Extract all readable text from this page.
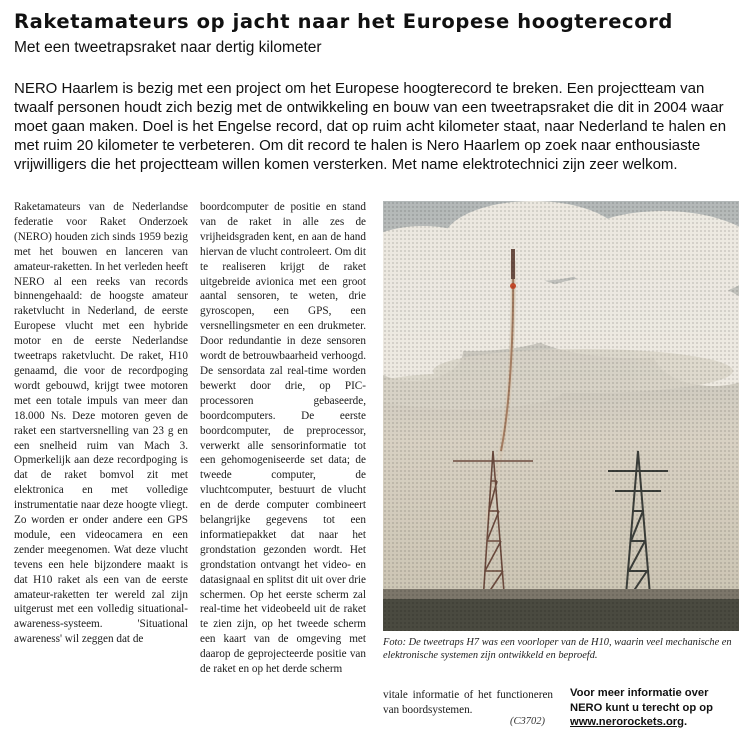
Raketamateurs op jacht naar het Europese hoogterecord
Met een tweetrapsraket naar dertig kilometer

NERO Haarlem is bezig met een project om het Europese hoogterecord te breken. Een projectteam van twaalf personen houdt zich bezig met de ontwikkeling en bouw van een tweetrapsraket die dit in 2004 waar moet gaan maken. Doel is het Engelse record, dat op ruim acht kilometer staat, naar Nederland te halen en met ruim 20 kilometer te verbeteren. Om dit record te halen is Nero Haarlem op zoek naar enthousiaste vrijwilligers die het projectteam willen komen versterken. Met name elektrotechnici zijn zeer welkom.

Raketamateurs van de Nederlandse federatie voor Raket Onderzoek (NERO) houden zich sinds 1959 bezig met het bouwen en lanceren van amateur-raketten. In het verleden heeft NERO al een reeks van records binnengehaald: de hoogste amateur raketvlucht in Nederland, de eerste Europese vlucht met een hybride motor en de eerste Nederlandse tweetraps raketvlucht. De raket, H10 genaamd, die voor de recordpoging wordt gebouwd, krijgt twee motoren met een totale impuls van meer dan 18.000 Ns. Deze motoren geven de raket een startversnelling van 23 g en een snelheid ruim van Mach 3. Opmerkelijk aan deze recordpoging is dat de raket bomvol zit met elektronica en met volledige instrumentatie naar deze hoogte vliegt. Zo worden er onder andere een GPS module, een videocamera en een zender meegenomen. Wat deze vlucht tevens een hele bijzondere maakt is dat H10 raket als een van de eerste amateur-raketten ter wereld zal zijn uitgerust met een volledig situational-awareness-systeem. 'Situational awareness' wil zeggen dat de

boordcomputer de positie en stand van de raket in alle zes de vrijheidsgraden kent, en aan de hand hiervan de vlucht controleert. Om dit te realiseren krijgt de raket uitgebreide avionica met een groot aantal sensoren, te weten, drie gyroscopen, een GPS, een versnellingsmeter en een drukmeter. Door redundantie in deze sensoren wordt de betrouwbaarheid verhoogd. De sensordata zal real-time worden bewerkt door drie, op PIC-processoren gebaseerde, boordcomputers. De eerste boordcomputer, de preprocessor, verwerkt alle sensorinformatie tot een gehomogeniseerde set data; de tweede computer, de vluchtcomputer, bestuurt de vlucht en de derde computer combineert belangrijke gegevens tot een informatiepakket dat naar het grondstation gezonden wordt. Het grondstation ontvangt het video- en datasignaal en splitst dit uit over drie schermen. Op het eerste scherm zal real-time het videobeeld uit de raket te zien zijn, op het tweede scherm een kaart van de omgeving met daarop de geprojecteerde positie van de raket en op het derde scherm

Foto: De tweetraps H7 was een voorloper van de H10, waarin veel mechanische en elektronische systemen zijn ontwikkeld en beproefd.

vitale informatie of het functioneren van boordsystemen.

(C3702)

Voor meer informatie over NERO kunt u terecht op op www.nerorockets.org.
